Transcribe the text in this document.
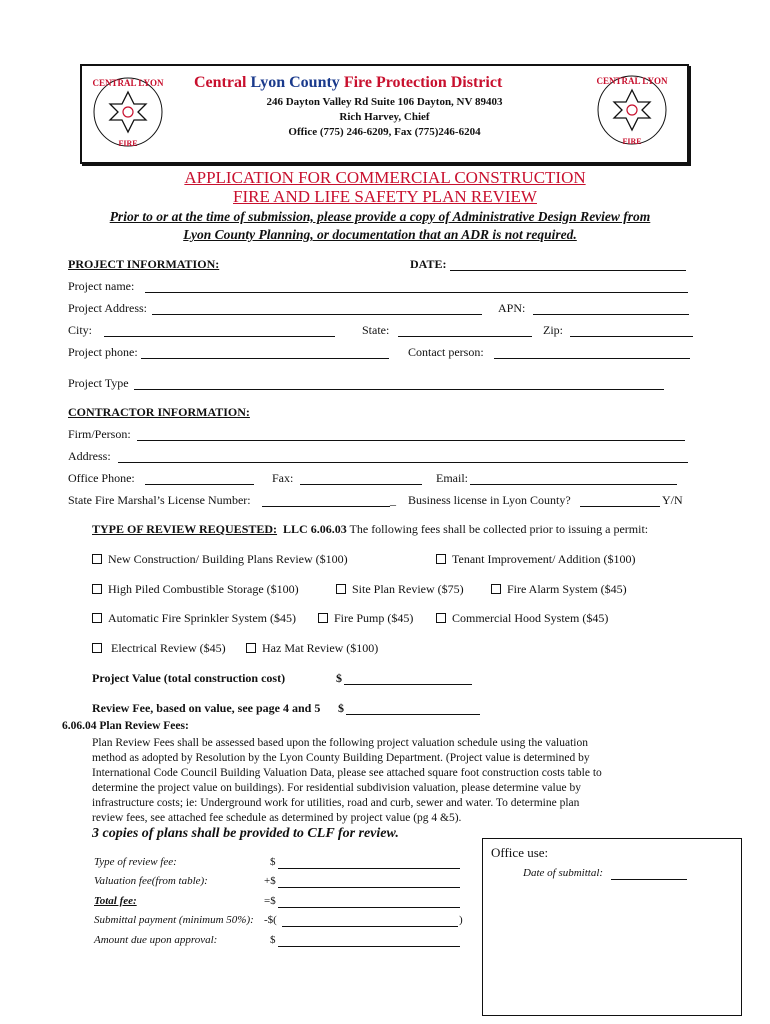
CENTRAL LYON
FIRE
Central Lyon County Fire Protection District
246 Dayton Valley Rd Suite 106 Dayton, NV 89403
Rich Harvey, Chief
Office (775) 246-6209, Fax (775)246-6204
CENTRAL LYON
FIRE
APPLICATION FOR COMMERCIAL CONSTRUCTION
FIRE AND LIFE SAFETY PLAN REVIEW
Prior to or at the time of submission, please provide a copy of Administrative Design Review from
Lyon County Planning, or documentation that an ADR is not required.
PROJECT INFORMATION:	DATE:
Project name:
Project Address:	APN:
City:	State:	Zip:
Project phone:	Contact person:
Project Type
CONTRACTOR INFORMATION:
Firm/Person:
Address:
Office Phone:	Fax:	Email:
State Fire Marshal’s License Number:	_ Business license in Lyon County?	Y/N
TYPE OF REVIEW REQUESTED: LLC 6.06.03 The following fees shall be collected prior to issuing a permit:
New Construction/ Building Plans Review ($100)	Tenant Improvement/ Addition ($100)
High Piled Combustible Storage ($100)	Site Plan Review ($75)	Fire Alarm System ($45)
Automatic Fire Sprinkler System ($45)	Fire Pump ($45)	Commercial Hood System ($45)
Electrical Review ($45)	Haz Mat Review ($100)
Project Value (total construction cost)	$
Review Fee, based on value, see page 4 and 5 $
6.06.04 Plan Review Fees:
Plan Review Fees shall be assessed based upon the following project valuation schedule using the valuation
method as adopted by Resolution by the Lyon County Building Department. (Project value is determined by
International Code Council Building Valuation Data, please see attached square foot construction costs table to
determine the project value on buildings). For residential subdivision valuation, please determine value by
infrastructure costs; ie: Underground work for utilities, road and curb, sewer and water. To determine plan
review fees, see attached fee schedule as determined by project value (pg 4 &5).
3 copies of plans shall be provided to CLF for review.
Type of review fee:	$
Valuation fee(from table):	+$
Total fee:	=$
Submittal payment (minimum 50%): -$(	)
Amount due upon approval:	$
Office use:
Date of submittal:
